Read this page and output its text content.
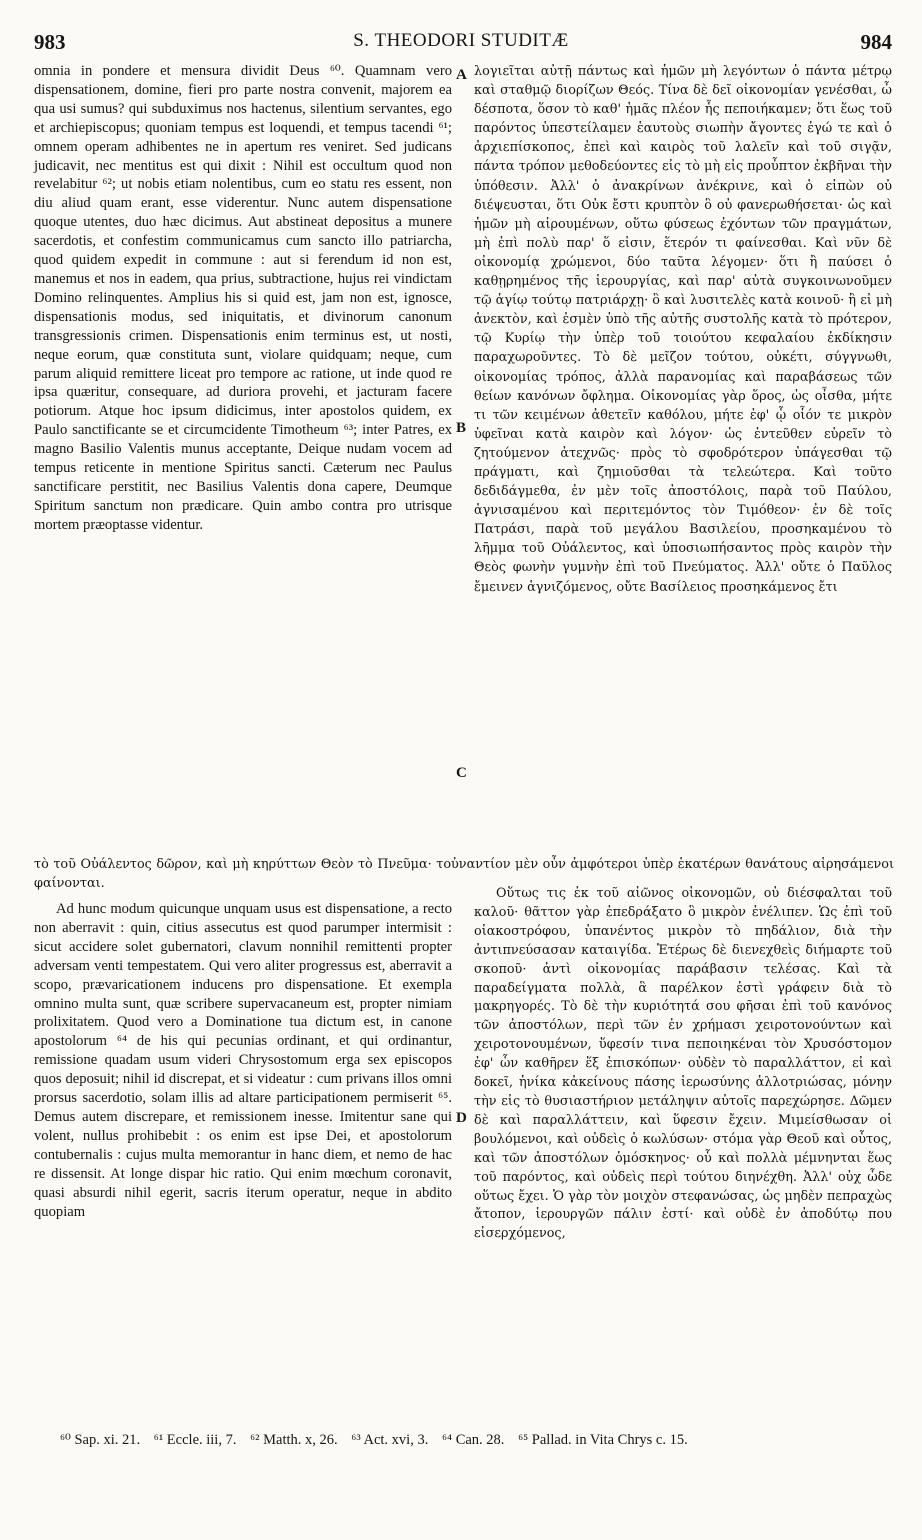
983	S. THEODORI STUDITÆ	984

omnia in pondere et mensura dividit Deus ⁶⁰. Quamnam vero dispensationem, domine, fieri pro parte nostra convenit, majorem ea qua usi sumus? qui subduximus nos hactenus, silentium servantes, ego et archiepiscopus; quoniam tempus est loquendi, et tempus tacendi ⁶¹; omnem operam adhibentes ne in apertum res veniret. Sed judicans judicavit, nec mentitus est qui dixit : Nihil est occultum quod non revelabitur ⁶²; ut nobis etiam nolentibus, cum eo statu res essent, non diu aliud quam erant, esse viderentur. Nunc autem dispensatione quoque utentes, duo hæc dicimus. Aut abstineat depositus a munere sacerdotis, et confestim communicamus cum sancto illo patriarcha, quod quidem expedit in commune : aut si ferendum id non est, manemus et nos in eadem, qua prius, subtractione, hujus rei vindictam Domino relinquentes. Amplius his si quid est, jam non est, ignosce, dispensationis modus, sed iniquitatis, et divinorum canonum transgressionis crimen. Dispensationis enim terminus est, ut nosti, neque eorum, quæ constituta sunt, violare quidquam; neque, cum parum aliquid remittere liceat pro tempore ac ratione, ut inde quod re ipsa quæritur, consequare, ad duriora provehi, et jacturam facere potiorum. Atque hoc ipsum didicimus, inter apostolos quidem, ex Paulo sanctificante se et circumcidente Timotheum ⁶³; inter Patres, ex magno Basilio Valentis munus acceptante, Deique nudam vocem ad tempus reticente in mentione Spiritus sancti. Cæterum nec Paulus sanctificare perstitit, nec Basilius Valentis dona capere, Deumque Spiritum sanctum non prædicare. Quin ambo contra pro utrisque mortem præoptasse videntur.

λογιεῖται αὐτῇ πάντως καὶ ἡμῶν μὴ λεγόντων ὁ πάντα μέτρῳ καὶ σταθμῷ διορίζων Θεός. Τίνα δὲ δεῖ οἰκονομίαν γενέσθαι, ὦ δέσποτα, ὅσον τὸ καθ' ἡμᾶς πλέον ἧς πεποιήκαμεν; ὅτι ἕως τοῦ παρόντος ὑπεστείλαμεν ἑαυτοὺς σιωπὴν ἄγοντες ἐγώ τε καὶ ὁ ἀρχιεπίσκοπος, ἐπεὶ καὶ καιρὸς τοῦ λαλεῖν καὶ τοῦ σιγᾷν, πάντα τρόπον μεθοδεύοντες εἰς τὸ μὴ εἰς προὖπτον ἐκβῆναι τὴν ὑπόθεσιν. Ἀλλ' ὁ ἀνακρίνων ἀνέκρινε, καὶ ὁ εἰπὼν οὐ διέψευσται, ὅτι Οὐκ ἔστι κρυπτὸν ὃ οὐ φανερωθήσεται· ὡς καὶ ἡμῶν μὴ αἱρουμένων, οὕτω φύσεως ἐχόντων τῶν πραγμάτων, μὴ ἐπὶ πολὺ παρ' ὅ εἰσιν, ἕτερόν τι φαίνεσθαι. Καὶ νῦν δὲ οἰκονομίᾳ χρώμενοι, δύο ταῦτα λέγομεν· ὅτι ἢ παύσει ὁ καθῃρημένος τῆς ἱερουργίας, καὶ παρ' αὐτὰ συγκοινωνοῦμεν τῷ ἁγίῳ τούτῳ πατριάρχῃ· ὃ καὶ λυσιτελὲς κατὰ κοινοῦ· ἢ εἰ μὴ ἀνεκτὸν, καὶ ἐσμὲν ὑπὸ τῆς αὐτῆς συστολῆς κατὰ τὸ πρότερον, τῷ Κυρίῳ τὴν ὑπὲρ τοῦ τοιούτου κεφαλαίου ἐκδίκησιν παραχωροῦντες. Τὸ δὲ μεῖζον τούτου, οὐκέτι, σύγγνωθι, οἰκονομίας τρόπος, ἀλλὰ παρανομίας καὶ παραβάσεως τῶν θείων κανόνων ὄφλημα. Οἰκονομίας γὰρ ὅρος, ὡς οἶσθα, μήτε τι τῶν κειμένων ἀθετεῖν καθόλου, μήτε ἐφ' ᾧ οἷόν τε μικρὸν ὑφεῖναι κατὰ καιρὸν καὶ λόγον· ὡς ἐντεῦθεν εὑρεῖν τὸ ζητούμενον ἀτεχνῶς· πρὸς τὸ σφοδρότερον ὑπάγεσθαι τῷ πράγματι, καὶ ζημιοῦσθαι τὰ τελεώτερα. Καὶ τοῦτο δεδιδάγμεθα, ἐν μὲν τοῖς ἀποστόλοις, παρὰ τοῦ Παύλου, ἁγνισαμένου καὶ περιτεμόντος τὸν Τιμόθεον· ἐν δὲ τοῖς Πατράσι, παρὰ τοῦ μεγάλου Βασιλείου, προσηκαμένου τὸ λῆμμα τοῦ Οὐάλεντος, καὶ ὑποσιωπήσαντος πρὸς καιρὸν τὴν Θεὸς φωνὴν γυμνὴν ἐπὶ τοῦ Πνεύματος. Ἀλλ' οὔτε ὁ Παῦλος ἔμεινεν ἁγνιζόμενος, οὔτε Βασίλειος προσηκάμενος ἔτι

τὸ τοῦ Οὐάλεντος δῶρον, καὶ μὴ κηρύττων Θεὸν τὸ Πνεῦμα· τοὐναντίον μὲν οὖν ἀμφότεροι ὑπὲρ ἑκατέρων θανάτους αἱρησάμενοι φαίνονται.
Ad hunc modum quicunque unquam usus est dispensatione, a recto non aberravit : quin, citius assecutus est quod parumper intermisit : sicut accidere solet gubernatori, clavum nonnihil remittenti propter adversam venti tempestatem. Qui vero aliter progressus est, aberravit a scopo, prævaricationem inducens pro dispensatione. Et exempla omnino multa sunt, quæ scribere supervacaneum est, propter nimiam prolixitatem. Quod vero a Dominatione tua dictum est, in canone apostolorum ⁶⁴ de his qui pecunias ordinant, et qui ordinantur, remissione quadam usum videri Chrysostomum erga sex episcopos quos deposuit; nihil id discrepat, et si videatur : cum privans illos omni prorsus sacerdotio, solam illis ad altare participationem permiserit ⁶⁵. Demus autem discrepare, et remissionem inesse. Imitentur sane qui volent, nullus prohibebit : os enim est ipse Dei, et apostolorum contubernalis : cujus multa memorantur in hanc diem, et nemo de hac re dissensit. At longe dispar hic ratio. Qui enim mœchum coronavit, quasi absurdi nihil egerit, sacris iterum operatur, neque in abdito quopiam
Οὕτως τις ἐκ τοῦ αἰῶνος οἰκονομῶν, οὐ διέσφαλται τοῦ καλοῦ· θᾶττον γὰρ ἐπεδράξατο ὃ μικρὸν ἐνέλιπεν. Ὡς ἐπὶ τοῦ οἰακοστρόφου, ὑπανέντος μικρὸν τὸ πηδάλιον, διὰ τὴν ἀντιπνεύσασαν καταιγίδα. Ἑτέρως δὲ διενεχθεὶς διήμαρτε τοῦ σκοποῦ· ἀντὶ οἰκονομίας παράβασιν τελέσας. Καὶ τὰ παραδείγματα πολλὰ, ἃ παρέλκον ἐστὶ γράφειν διὰ τὸ μακρηγορές. Τὸ δὲ τὴν κυριότητά σου φῆσαι ἐπὶ τοῦ κανόνος τῶν ἀποστόλων, περὶ τῶν ἐν χρήμασι χειροτονούντων καὶ χειροτονουμένων, ὕφεσίν τινα πεποιηκέναι τὸν Χρυσόστομον ἐφ' ὧν καθῆρεν ἕξ ἐπισκόπων· οὐδὲν τὸ παραλλάττον, εἰ καὶ δοκεῖ, ἡνίκα κἀκείνους πάσης ἱερωσύνης ἀλλοτριώσας, μόνην τὴν εἰς τὸ θυσιαστήριον μετάληψιν αὐτοῖς παρεχώρησε. Δῶμεν δὲ καὶ παραλλάττειν, καὶ ὕφεσιν ἔχειν. Μιμείσθωσαν οἱ βουλόμενοι, καὶ οὐδεὶς ὁ κωλύσων· στόμα γὰρ Θεοῦ καὶ οὗτος, καὶ τῶν ἀποστόλων ὁμόσκηνος· οὗ καὶ πολλὰ μέμνηνται ἕως τοῦ παρόντος, καὶ οὐδεὶς περὶ τούτου διηνέχθη. Ἀλλ' οὐχ ὧδε οὕτως ἔχει. Ὁ γὰρ τὸν μοιχὸν στεφανώσας, ὡς μηδὲν πεπραχὼς ἄτοπον, ἱερουργῶν πάλιν ἐστί· καὶ οὐδὲ ἐν ἀποδύτῳ που εἰσερχόμενος,
A
B
C
D
⁶⁰ Sap. xi. 21. ⁶¹ Eccle. iii, 7. ⁶² Matth. x, 26. ⁶³ Act. xvi, 3. ⁶⁴ Can. 28. ⁶⁵ Pallad. in Vita Chrys c. 15.
